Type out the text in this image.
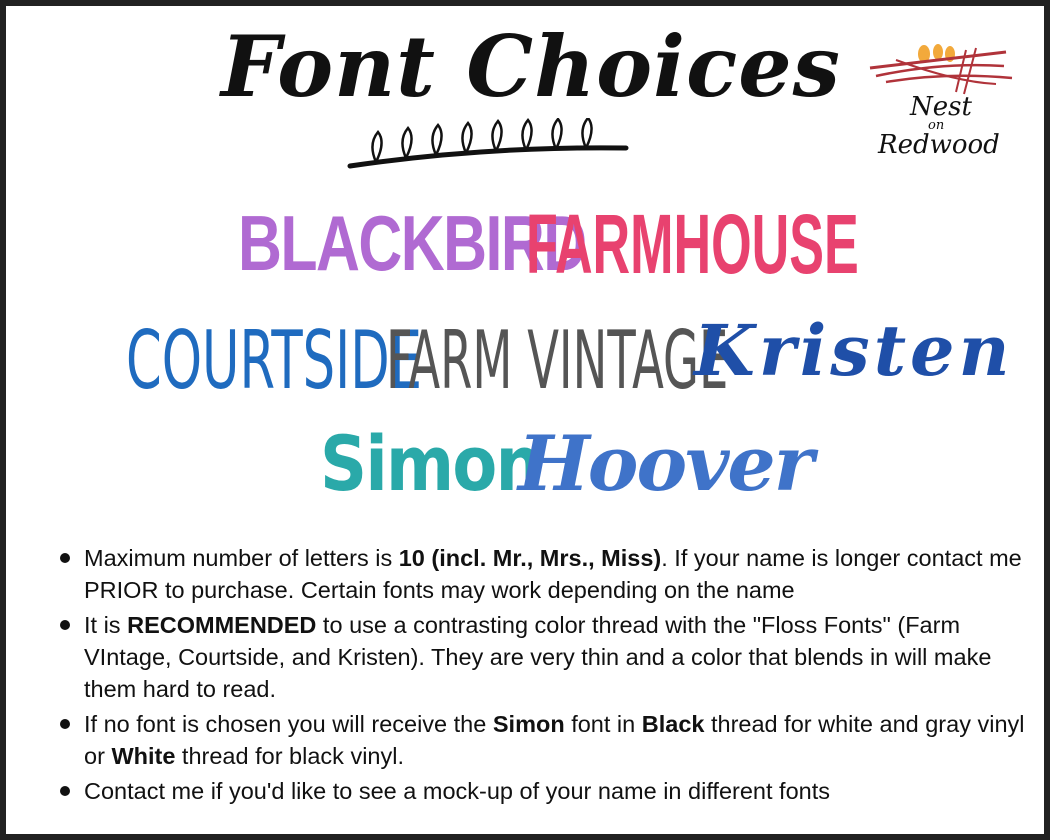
Font Choices	Nest
on
Redwood
BLACKBIRD
FARMHOUSE
COURTSIDE
FARM VINTAGE
Kristen
Simon
Hoover
Maximum number of letters is 10 (incl. Mr., Mrs., Miss). If your name is longer contact me PRIOR to purchase. Certain fonts may work depending on the name
It is RECOMMENDED to use a contrasting color thread with the "Floss Fonts" (Farm VIntage, Courtside, and Kristen). They are very thin and a color that blends in will make them hard to read.
If no font is chosen you will receive the Simon font in Black thread for white and gray vinyl or White thread for black vinyl.
Contact me if you'd like to see a mock-up of your name in different fonts
